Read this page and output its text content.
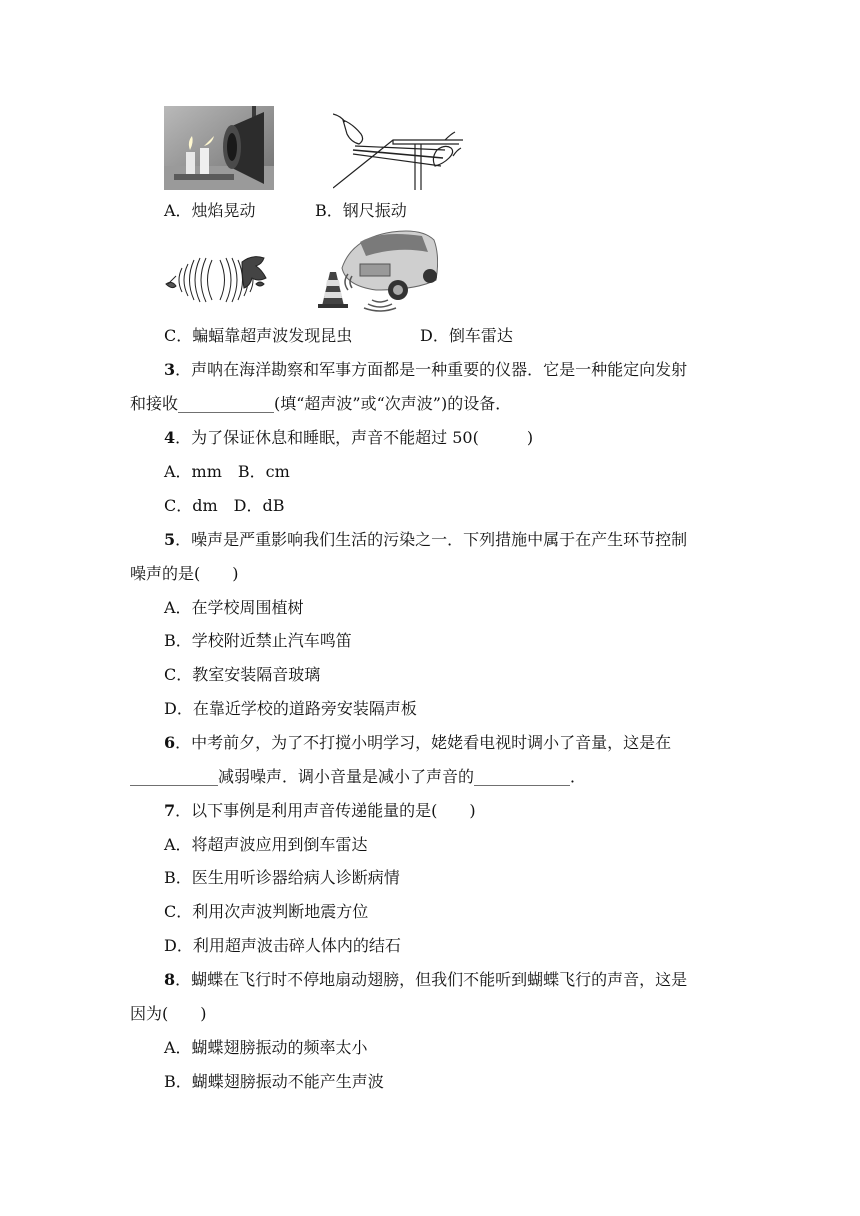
A．烛焰晃动	B．钢尺振动
C．蝙蝠靠超声波发现昆虫	D．倒车雷达
3．声呐在海洋勘察和军事方面都是一种重要的仪器．它是一种能定向发射
和接收____________(填“超声波”或“次声波”)的设备．
4．为了保证休息和睡眠，声音不能超过 50(　　　)
A．mm　B．cm
C．dm　D．dB
5．噪声是严重影响我们生活的污染之一．下列措施中属于在产生环节控制
噪声的是(　　)
A．在学校周围植树
B．学校附近禁止汽车鸣笛
C．教室安装隔音玻璃
D．在靠近学校的道路旁安装隔声板
6．中考前夕，为了不打搅小明学习，姥姥看电视时调小了音量，这是在
___________减弱噪声．调小音量是减小了声音的____________．
7．以下事例是利用声音传递能量的是(　　)
A．将超声波应用到倒车雷达
B．医生用听诊器给病人诊断病情
C．利用次声波判断地震方位
D．利用超声波击碎人体内的结石
8．蝴蝶在飞行时不停地扇动翅膀，但我们不能听到蝴蝶飞行的声音，这是
因为(　　)
A．蝴蝶翅膀振动的频率太小
B．蝴蝶翅膀振动不能产生声波
